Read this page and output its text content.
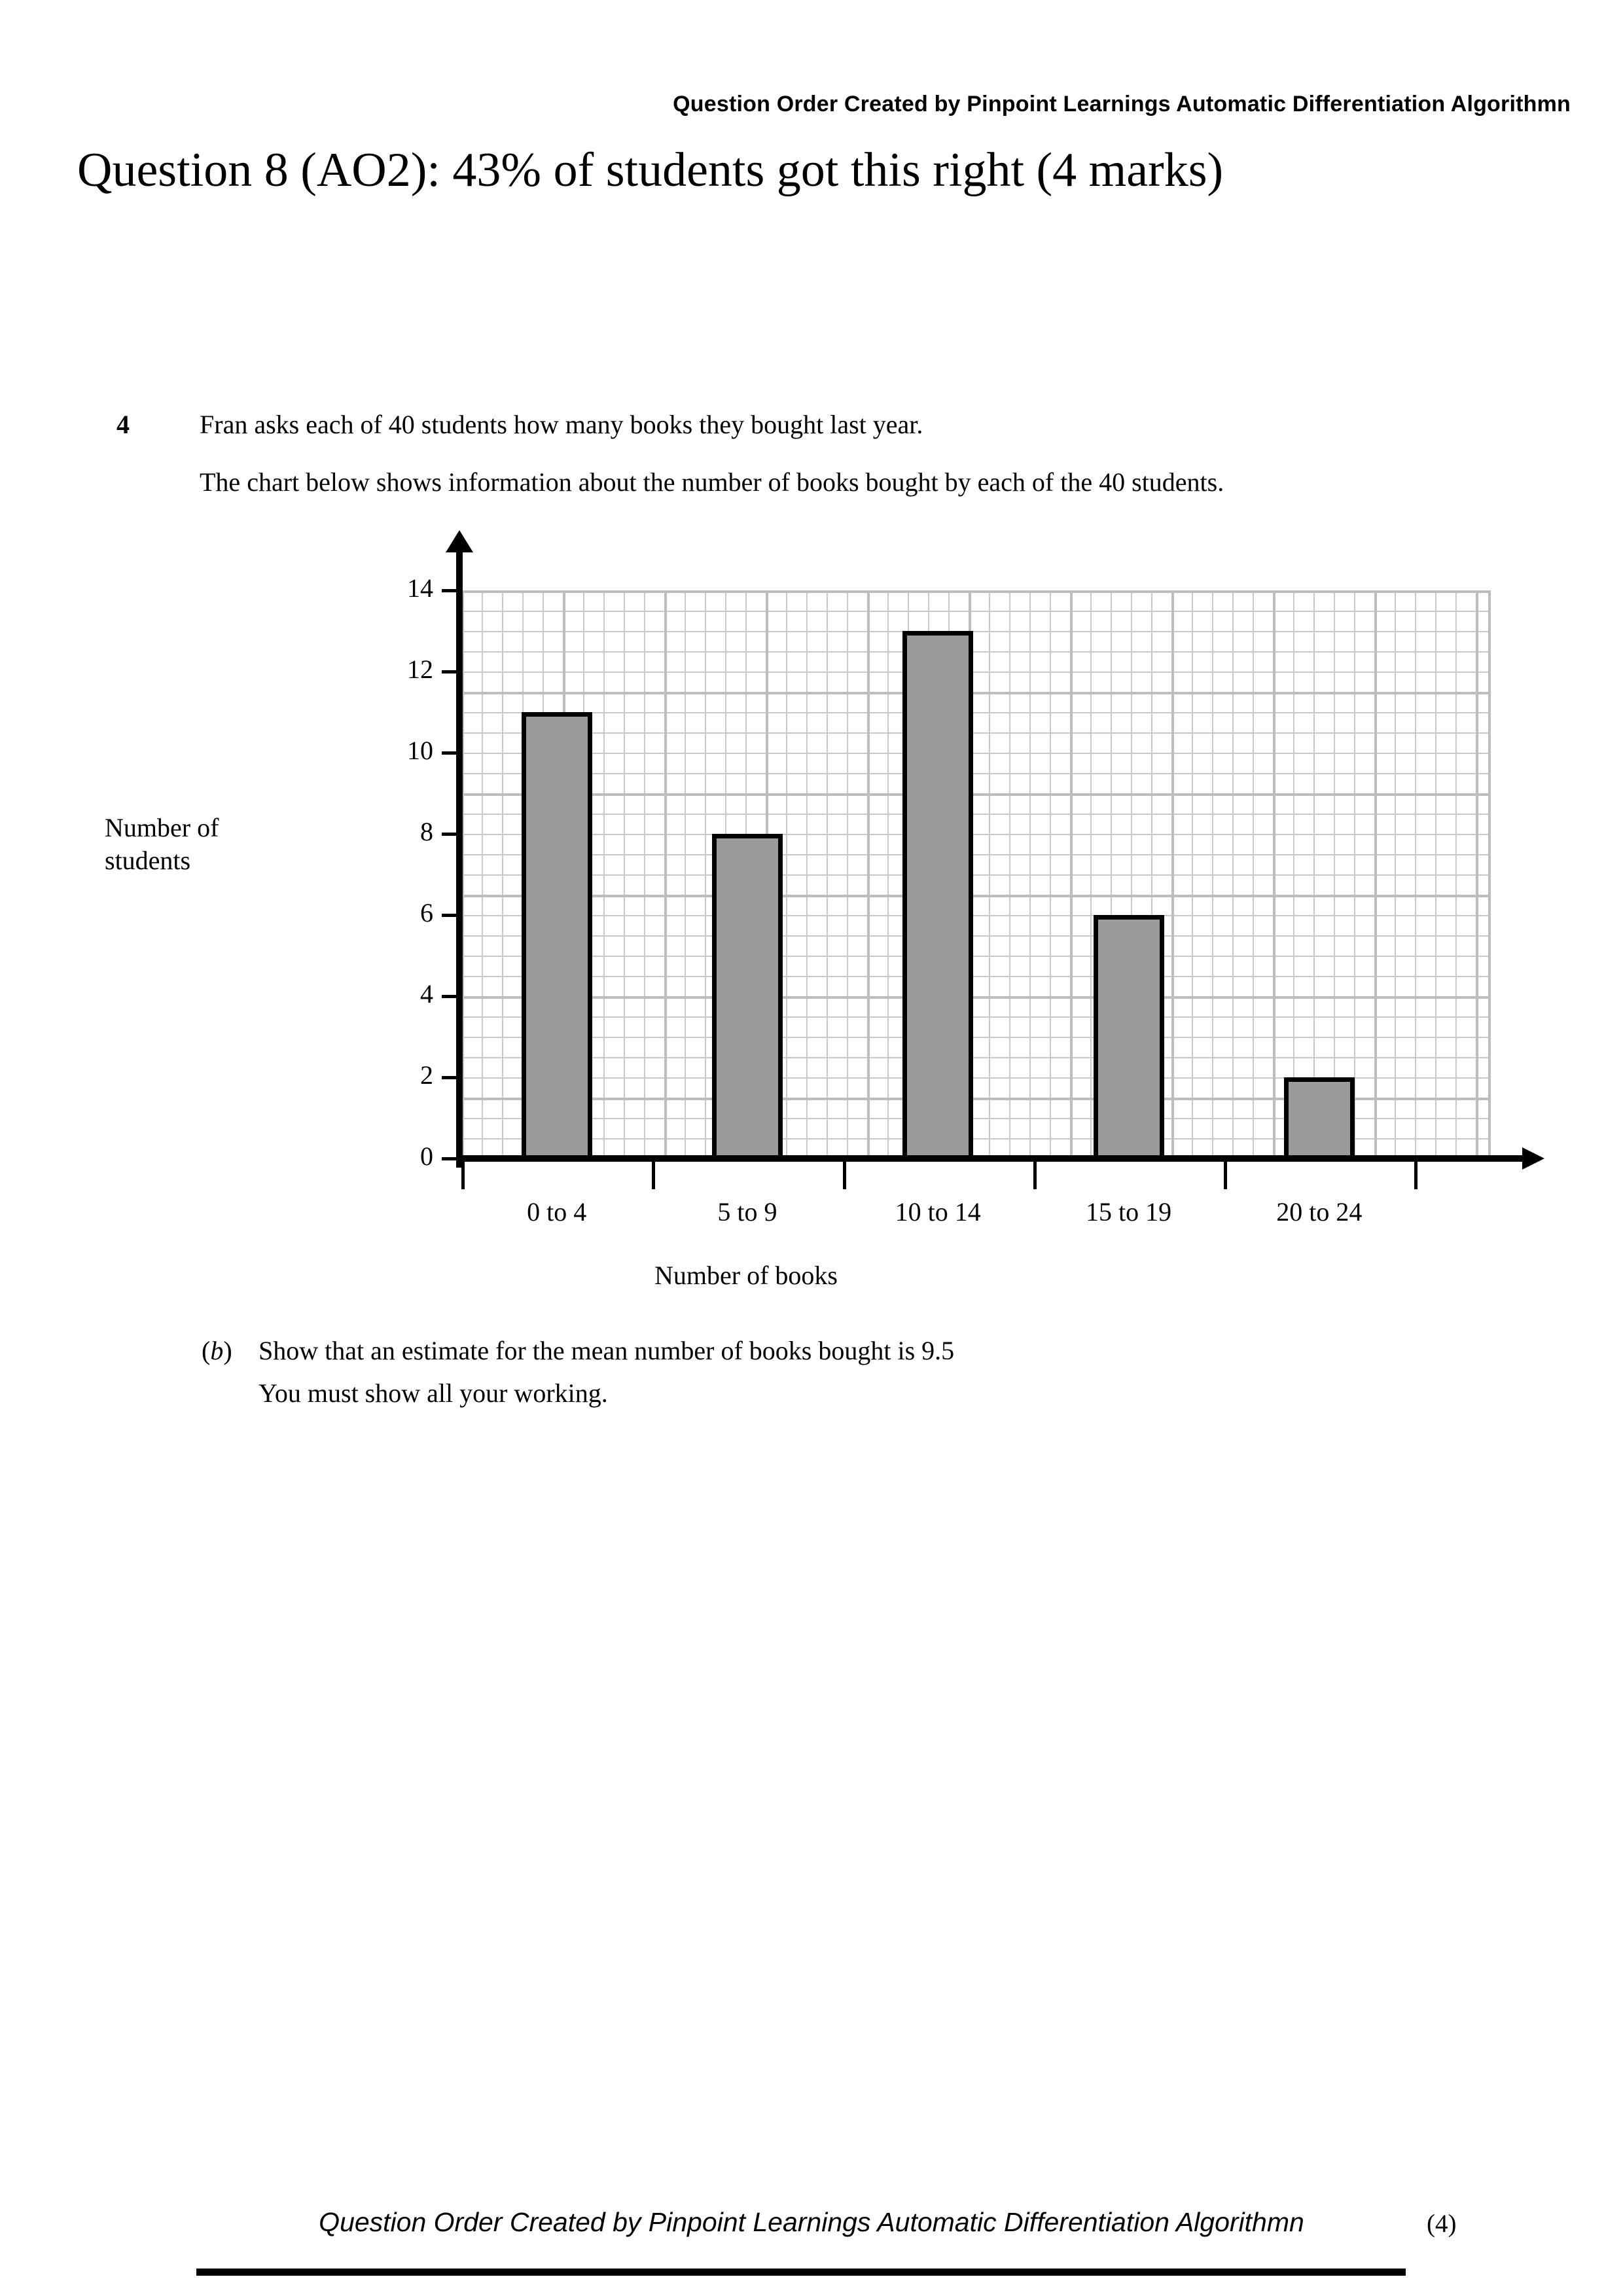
Question Order Created by Pinpoint Learnings Automatic Differentiation Algorithmn
Question 8 (AO2): 43% of students got this right (4 marks)
4	Fran asks each of 40 students how many books they bought last year.
The chart below shows information about the number of books bought by each of the 40 students.
0
2
4
6
8
10
12
14
0 to 4	5 to 9	10 to 14	15 to 19	20 to 24
Number of
students
Number of books
(b) Show that an estimate for the mean number of books bought is 9.5
You must show all your working.
Question Order Created by Pinpoint Learnings Automatic Differentiation Algorithmn	(4)
